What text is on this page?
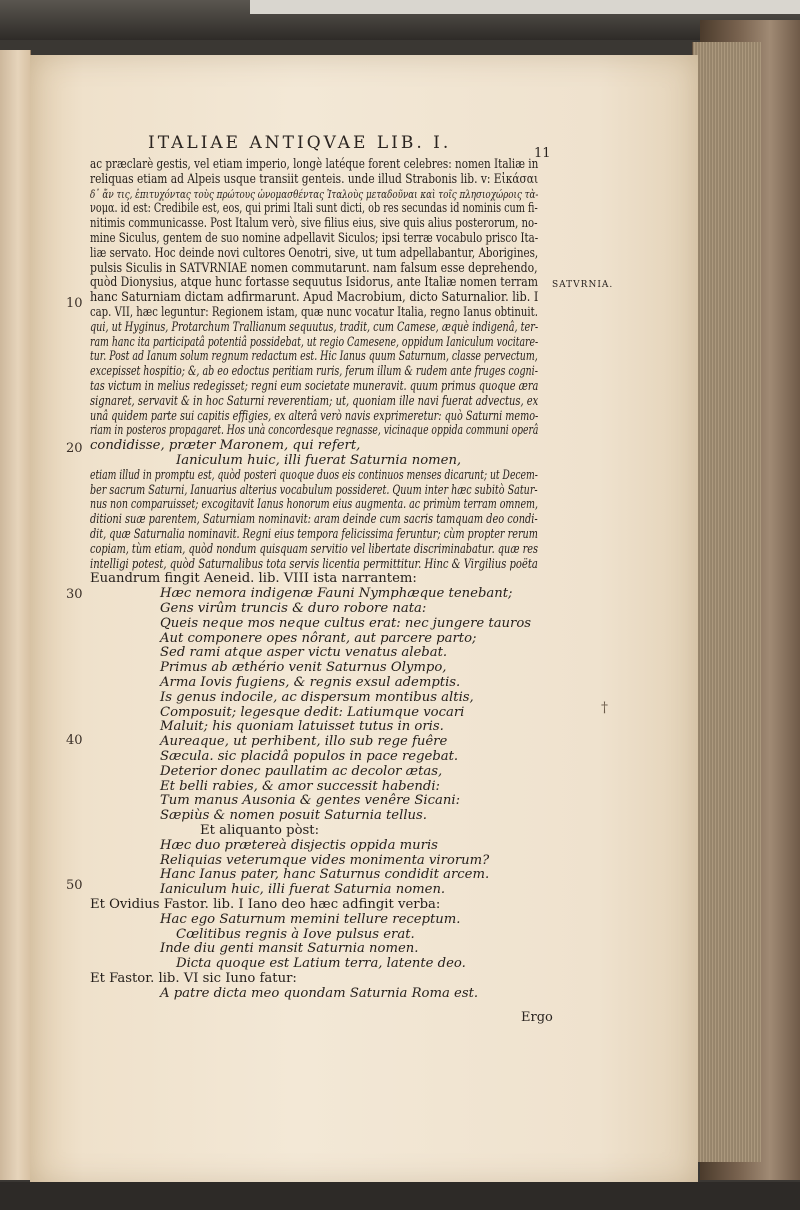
ITALIAE ANTIQVAE LIB. I.
11
SATVRNIA.
†
ac præclarè gestis, vel etiam imperio, longè latéque forent celebres: nomen Italiæ in
reliquas etiam ad Alpeis usque transiit genteis. unde illud Strabonis lib. v: Εἰκάσαι
δ᾽ ἄν τις, ἐπιτυχόντας τοὺς πρώτους ὠνομασθέντας Ἰταλοὺς μεταδοῦναι καὶ τοῖς πλησιοχώροις τὰ-
νομα. id est: Credibile est, eos, qui primi Itali sunt dicti, ob res secundas id nominis cum fi-
nitimis communicasse. Post Italum verò, sive filius eius, sive quis alius posterorum, no-
mine Siculus, gentem de suo nomine adpellavit Siculos; ipsi terræ vocabulo prisco Ita-
liæ servato. Hoc deinde novi cultores Oenotri, sive, ut tum adpellabantur, Aborigines,
pulsis Siculis in SATVRNIAE nomen commutarunt. nam falsum esse deprehendo,
quòd Dionysius, atque hunc fortasse sequutus Isidorus, ante Italiæ nomen terram
hanc Saturniam dictam adfirmarunt. Apud Macrobium, dicto Saturnalior. lib. I
cap. VII, hæc leguntur: Regionem istam, quæ nunc vocatur Italia, regno Ianus obtinuit.
qui, ut Hyginus, Protarchum Trallianum sequutus, tradit, cum Camese, æquè indigenâ, ter-
ram hanc ita participatâ potentiâ possidebat, ut regio Camesene, oppidum Ianiculum vocitare-
tur. Post ad Ianum solum regnum redactum est. Hic Ianus quum Saturnum, classe pervectum,
excepisset hospitio; &, ab eo edoctus peritiam ruris, ferum illum & rudem ante fruges cogni-
tas victum in melius redegisset; regni eum societate muneravit. quum primus quoque æra
signaret, servavit & in hoc Saturni reverentiam; ut, quoniam ille navi fuerat advectus, ex
unâ quidem parte sui capitis effigies, ex alterâ verò navis exprimeretur: quò Saturni memo-
riam in posteros propagaret. Hos unà concordesque regnasse, vicinaque oppida communi operâ
condidisse, præter Maronem, qui refert,
Ianiculum huic, illi fuerat Saturnia nomen,
etiam illud in promptu est, quòd posteri quoque duos eis continuos menses dicarunt; ut Decem-
ber sacrum Saturni, Ianuarius alterius vocabulum possideret. Quum inter hæc subitò Satur-
nus non comparuisset; excogitavit Ianus honorum eius augmenta. ac primùm terram omnem,
ditioni suæ parentem, Saturniam nominavit: aram deinde cum sacris tamquam deo condi-
dit, quæ Saturnalia nominavit. Regni eius tempora felicissima feruntur; cùm propter rerum
copiam, tùm etiam, quòd nondum quisquam servitio vel libertate discriminabatur. quæ res
intelligi potest, quòd Saturnalibus tota servis licentia permittitur. Hinc & Virgilius poëta
Euandrum fingit Aeneid. lib. VIII ista narrantem:
Hæc nemora indigenæ Fauni Nymphæque tenebant;
Gens virûm truncis & duro robore nata:
Queis neque mos neque cultus erat: nec jungere tauros
Aut componere opes nôrant, aut parcere parto;
Sed rami atque asper victu venatus alebat.
Primus ab æthério venit Saturnus Olympo,
Arma Iovis fugiens, & regnis exsul ademptis.
Is genus indocile, ac dispersum montibus altis,
Composuit; legesque dedit: Latiumque vocari
Maluit; his quoniam latuisset tutus in oris.
Aureaque, ut perhibent, illo sub rege fuêre
Sæcula. sic placidâ populos in pace regebat.
Deterior donec paullatim ac decolor ætas,
Et belli rabies, & amor successit habendi:
Tum manus Ausonia & gentes venêre Sicani:
Sæpiùs & nomen posuit Saturnia tellus.
Et aliquanto pòst:
Hæc duo prætereà disjectis oppida muris
Reliquias veterumque vides monimenta virorum?
Hanc Ianus pater, hanc Saturnus condidit arcem.
Ianiculum huic, illi fuerat Saturnia nomen.
Et Ovidius Fastor. lib. I Iano deo hæc adfingit verba:
Hac ego Saturnum memini tellure receptum.
Cœlitibus regnis à Iove pulsus erat.
Inde diu genti mansit Saturnia nomen.
Dicta quoque est Latium terra, latente deo.
Et Fastor. lib. VI sic Iuno fatur:
A patre dicta meo quondam Saturnia Roma est.
10
20
30
40
50
Ergo
